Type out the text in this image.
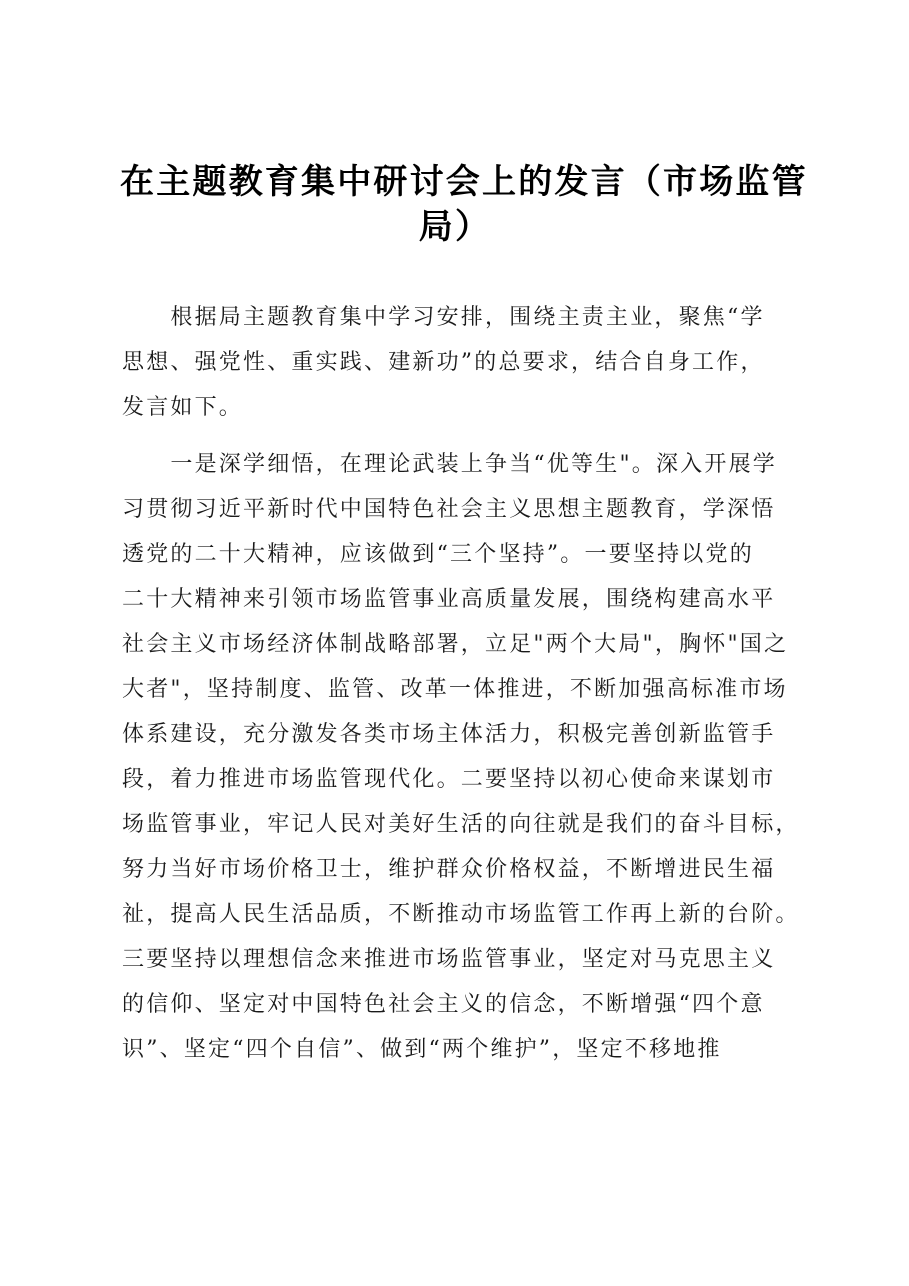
在主题教育集中研讨会上的发言（市场监管
局）
　　根据局主题教育集中学习安排，围绕主责主业，聚焦“学
思想、强党性、重实践、建新功”的总要求，结合自身工作，
发言如下。
　　一是深学细悟，在理论武装上争当“优等生"。深入开展学
习贯彻习近平新时代中国特色社会主义思想主题教育，学深悟
透党的二十大精神，应该做到“三个坚持”。一要坚持以党的
二十大精神来引领市场监管事业高质量发展，围绕构建高水平
社会主义市场经济体制战略部署，立足"两个大局"，胸怀"国之
大者"，坚持制度、监管、改革一体推进，不断加强高标准市场
体系建设，充分激发各类市场主体活力，积极完善创新监管手
段，着力推进市场监管现代化。二要坚持以初心使命来谋划市
场监管事业，牢记人民对美好生活的向往就是我们的奋斗目标，
努力当好市场价格卫士，维护群众价格权益，不断增进民生福
祉，提高人民生活品质，不断推动市场监管工作再上新的台阶。
三要坚持以理想信念来推进市场监管事业，坚定对马克思主义
的信仰、坚定对中国特色社会主义的信念，不断增强“四个意
识”、坚定“四个自信”、做到“两个维护”，坚定不移地推
